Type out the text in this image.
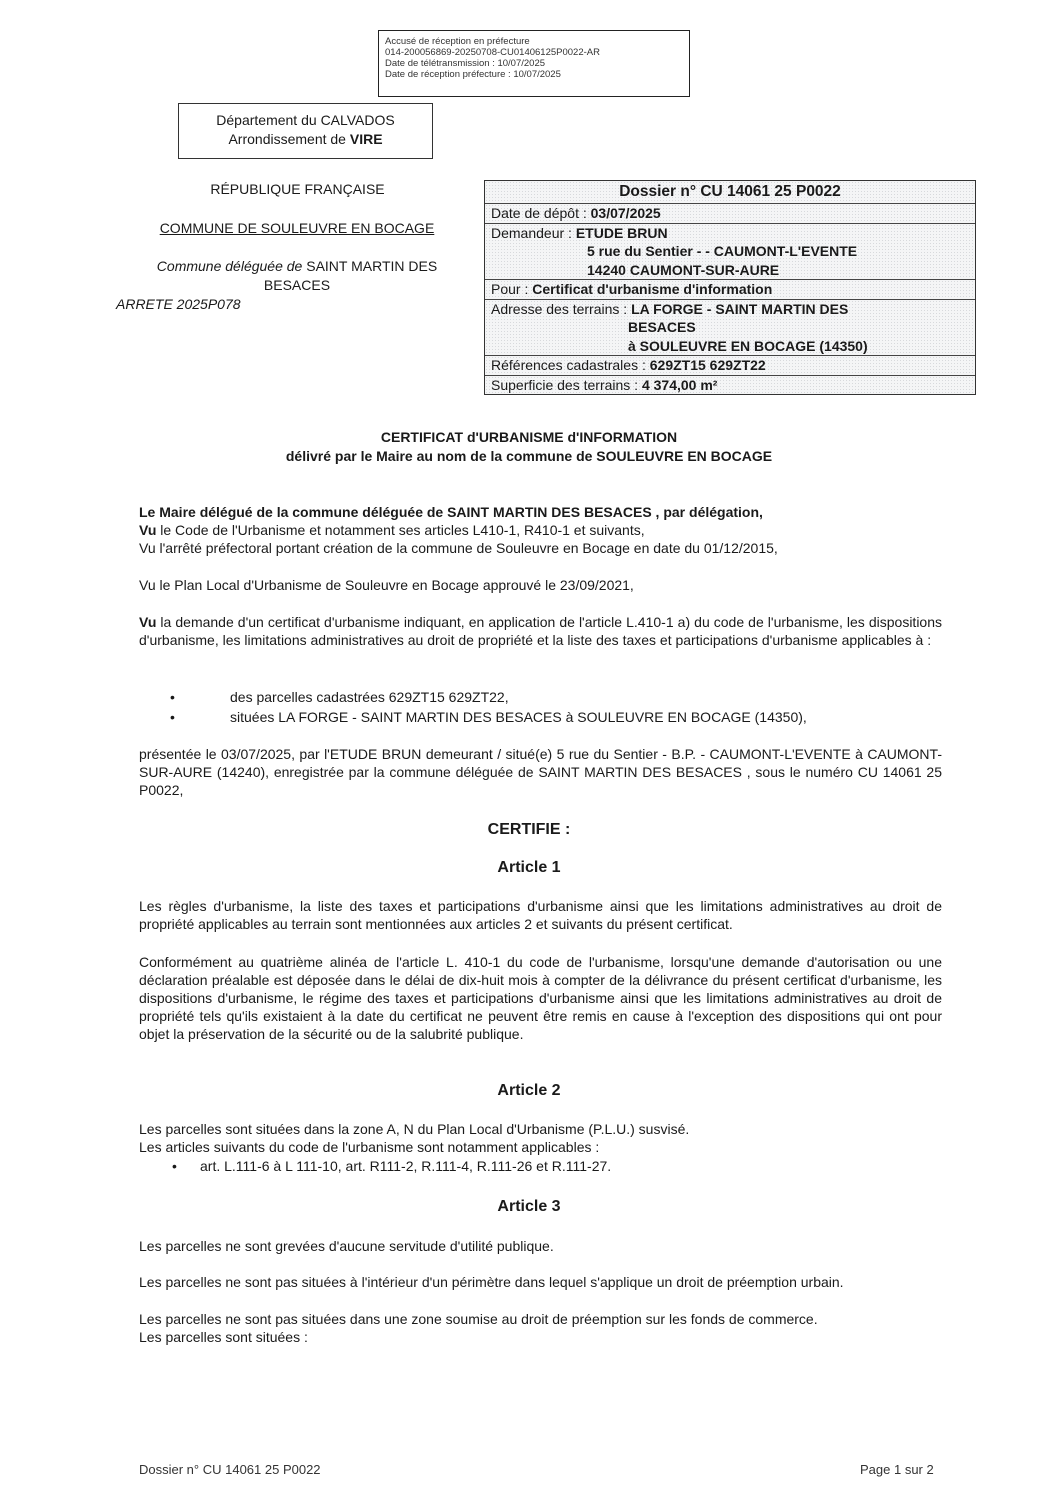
Accusé de réception en préfecture
014-200056869-20250708-CU01406125P0022-AR
Date de télétransmission : 10/07/2025
Date de réception préfecture : 10/07/2025
Département du CALVADOS
Arrondissement de VIRE
RÉPUBLIQUE FRANÇAISE
COMMUNE DE SOULEUVRE EN BOCAGE
Commune déléguée de SAINT MARTIN DES
BESACES
ARRETE 2025P078
Dossier n° CU 14061 25 P0022
Date de dépôt : 03/07/2025
Demandeur : ETUDE BRUN
5 rue du Sentier - - CAUMONT-L'EVENTE
14240 CAUMONT-SUR-AURE
Pour : Certificat d'urbanisme d'information
Adresse des terrains : LA FORGE - SAINT MARTIN DES
BESACES
à SOULEUVRE EN BOCAGE (14350)
Références cadastrales : 629ZT15 629ZT22
Superficie des terrains : 4 374,00 m²
CERTIFICAT d'URBANISME d'INFORMATION
délivré par le Maire au nom de la commune de SOULEUVRE EN BOCAGE
Le Maire délégué de la commune déléguée de SAINT MARTIN DES BESACES , par délégation,
Vu le Code de l'Urbanisme et notamment ses articles L410-1, R410-1 et suivants,
Vu l'arrêté préfectoral portant création de la commune de Souleuvre en Bocage en date du 01/12/2015,
Vu le Plan Local d'Urbanisme de Souleuvre en Bocage approuvé le 23/09/2021,
Vu la demande d'un certificat d'urbanisme indiquant, en application de l'article L.410-1 a) du code de l'urbanisme, les dispositions d'urbanisme, les limitations administratives au droit de propriété et la liste des taxes et participations d'urbanisme applicables à :
•	des parcelles cadastrées 629ZT15 629ZT22,
•	situées LA FORGE - SAINT MARTIN DES BESACES à SOULEUVRE EN BOCAGE (14350),
présentée le 03/07/2025, par l'ETUDE BRUN demeurant / situé(e) 5 rue du Sentier - B.P. - CAUMONT-L'EVENTE à CAUMONT-SUR-AURE (14240), enregistrée par la commune déléguée de SAINT MARTIN DES BESACES , sous le numéro CU 14061 25 P0022,
CERTIFIE :
Article 1
Les règles d'urbanisme, la liste des taxes et participations d'urbanisme ainsi que les limitations administratives au droit de propriété applicables au terrain sont mentionnées aux articles 2 et suivants du présent certificat.
Conformément au quatrième alinéa de l'article L. 410-1 du code de l'urbanisme, lorsqu'une demande d'autorisation ou une déclaration préalable est déposée dans le délai de dix-huit mois à compter de la délivrance du présent certificat d'urbanisme, les dispositions d'urbanisme, le régime des taxes et participations d'urbanisme ainsi que les limitations administratives au droit de propriété tels qu'ils existaient à la date du certificat ne peuvent être remis en cause à l'exception des dispositions qui ont pour objet la préservation de la sécurité ou de la salubrité publique.
Article 2
Les parcelles sont situées dans la zone A, N du Plan Local d'Urbanisme (P.L.U.) susvisé.
Les articles suivants du code de l'urbanisme sont notamment applicables :
• art. L.111-6 à L 111-10, art. R111-2, R.111-4, R.111-26 et R.111-27.
Article 3
Les parcelles ne sont grevées d'aucune servitude d'utilité publique.
Les parcelles ne sont pas situées à l'intérieur d'un périmètre dans lequel s'applique un droit de préemption urbain.
Les parcelles ne sont pas situées dans une zone soumise au droit de préemption sur les fonds de commerce.
Les parcelles sont situées :
Dossier n° CU 14061 25 P0022	Page 1 sur 2
